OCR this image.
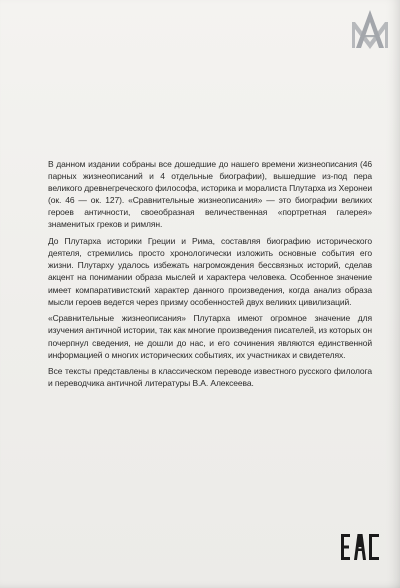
В данном издании собраны все дошедшие до нашего времени жизнеописания (46 парных жизнеописаний и 4 отдельные биографии), вышедшие из-под пера великого древнегреческого философа, историка и моралиста Плутарха из Херонеи (ок. 46 — ок. 127). «Сравнительные жизнеописания» — это биографии великих героев античности, своеобразная величественная «портретная галерея» знаменитых греков и римлян.

До Плутарха историки Греции и Рима, составляя биографию исторического деятеля, стремились просто хронологически изложить основные события его жизни. Плутарху удалось избежать нагромождения бессвязных историй, сделав акцент на понимании образа мыслей и характера человека. Особенное значение имеет компаративистский характер данного произведения, когда анализ образа мысли героев ведется через призму особенностей двух великих цивилизаций.

«Сравнительные жизнеописания» Плутарха имеют огромное значение для изучения античной истории, так как многие произведения писателей, из которых он почерпнул сведения, не дошли до нас, и его сочинения являются единственной информацией о многих исторических событиях, их участниках и свидетелях.

Все тексты представлены в классическом переводе известного русского филолога и переводчика античной литературы В.А. Алексеева.
